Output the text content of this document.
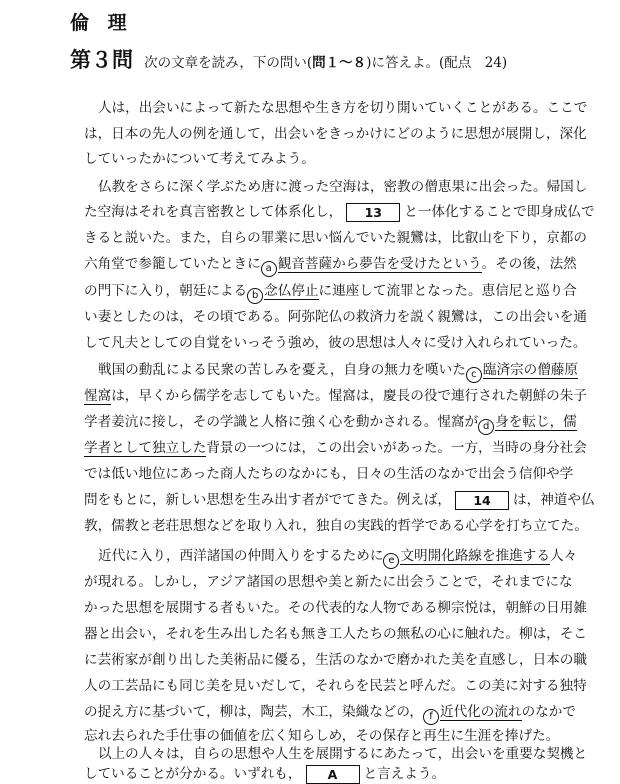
倫 理
第３問 次の文章を読み，下の問い(問１～８)に答えよ。(配点　24)
人は，出会いによって新たな思想や生き方を切り開いていくことがある。ここで
は，日本の先人の例を通して，出会いをきっかけにどのように思想が展開し，深化
していったかについて考えてみよう。
仏教をさらに深く学ぶため唐に渡った空海は，密教の僧恵果に出会った。帰国し
た空海はそれを真言密教として体系化し， 13 と一体化することで即身成仏で
きると説いた。また，自らの罪業に思い悩んでいた親鸞は，比叡山を下り，京都の
六角堂で参籠していたときに a 観音菩薩から夢告を受けたという。その後，法然
の門下に入り，朝廷による b 念仏停止に連座して流罪となった。恵信尼と巡り合
い妻としたのは，その頃である。阿弥陀仏の救済力を説く親鸞は，この出会いを通
して凡夫としての自覚をいっそう強め，彼の思想は人々に受け入れられていった。
戦国の動乱による民衆の苦しみを憂え，自身の無力を嘆いた c 臨済宗の僧藤原
惺窩は，早くから儒学を志してもいた。惺窩は，慶長の役で連行された朝鮮の朱子
学者姜沆に接し，その学識と人格に強く心を動かされる。惺窩が d 身を転じ，儒
学者として独立した背景の一つには，この出会いがあった。一方，当時の身分社会
では低い地位にあった商人たちのなかにも，日々の生活のなかで出会う信仰や学
問をもとに，新しい思想を生み出す者がでてきた。例えば， 14 は，神道や仏
教，儒教と老荘思想などを取り入れ，独自の実践的哲学である心学を打ち立てた。
近代に入り，西洋諸国の仲間入りをするために e 文明開化路線を推進する人々
が現れる。しかし，アジア諸国の思想や美と新たに出会うことで，それまでにな
かった思想を展開する者もいた。その代表的な人物である柳宗悦は，朝鮮の日用雑
器と出会い，それを生み出した名も無き工人たちの無私の心に触れた。柳は，そこ
に芸術家が創り出した美術品に優る，生活のなかで磨かれた美を直感し，日本の職
人の工芸品にも同じ美を見いだして，それらを民芸と呼んだ。この美に対する独特
の捉え方に基づいて，柳は，陶芸，木工，染織などの， f 近代化の流れのなかで
忘れ去られた手仕事の価値を広く知らしめ，その保存と再生に生涯を捧げた。
以上の人々は，自らの思想や人生を展開するにあたって，出会いを重要な契機と
していることが分かる。いずれも， A と言えよう。
